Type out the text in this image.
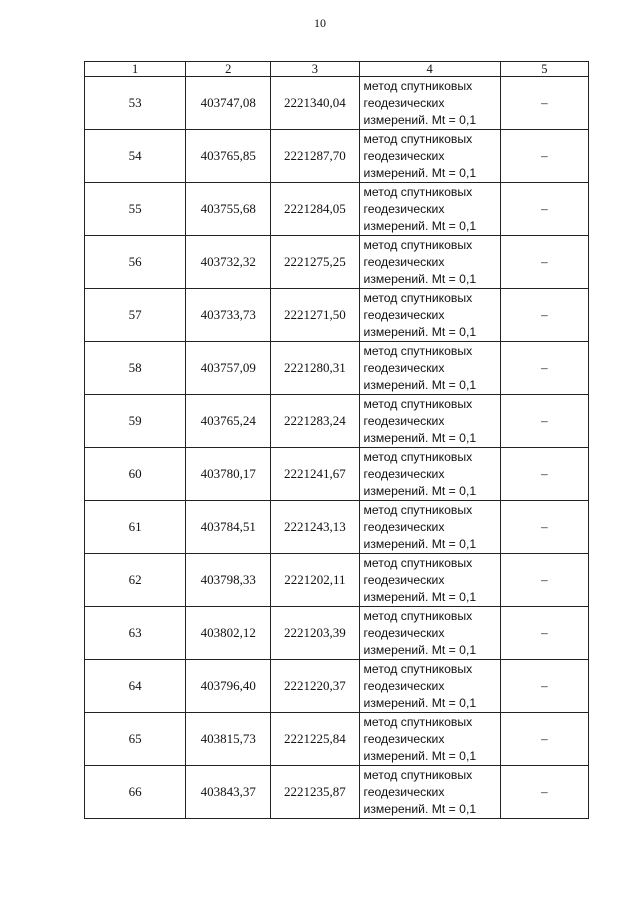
10
1	2	3	4	5
53	403747,08	2221340,04	метод спутниковых
геодезических
измерений. Mt = 0,1	–
54	403765,85	2221287,70	метод спутниковых
геодезических
измерений. Mt = 0,1	–
55	403755,68	2221284,05	метод спутниковых
геодезических
измерений. Mt = 0,1	–
56	403732,32	2221275,25	метод спутниковых
геодезических
измерений. Mt = 0,1	–
57	403733,73	2221271,50	метод спутниковых
геодезических
измерений. Mt = 0,1	–
58	403757,09	2221280,31	метод спутниковых
геодезических
измерений. Mt = 0,1	–
59	403765,24	2221283,24	метод спутниковых
геодезических
измерений. Mt = 0,1	–
60	403780,17	2221241,67	метод спутниковых
геодезических
измерений. Mt = 0,1	–
61	403784,51	2221243,13	метод спутниковых
геодезических
измерений. Mt = 0,1	–
62	403798,33	2221202,11	метод спутниковых
геодезических
измерений. Mt = 0,1	–
63	403802,12	2221203,39	метод спутниковых
геодезических
измерений. Mt = 0,1	–
64	403796,40	2221220,37	метод спутниковых
геодезических
измерений. Mt = 0,1	–
65	403815,73	2221225,84	метод спутниковых
геодезических
измерений. Mt = 0,1	–
66	403843,37	2221235,87	метод спутниковых
геодезических
измерений. Mt = 0,1	–
